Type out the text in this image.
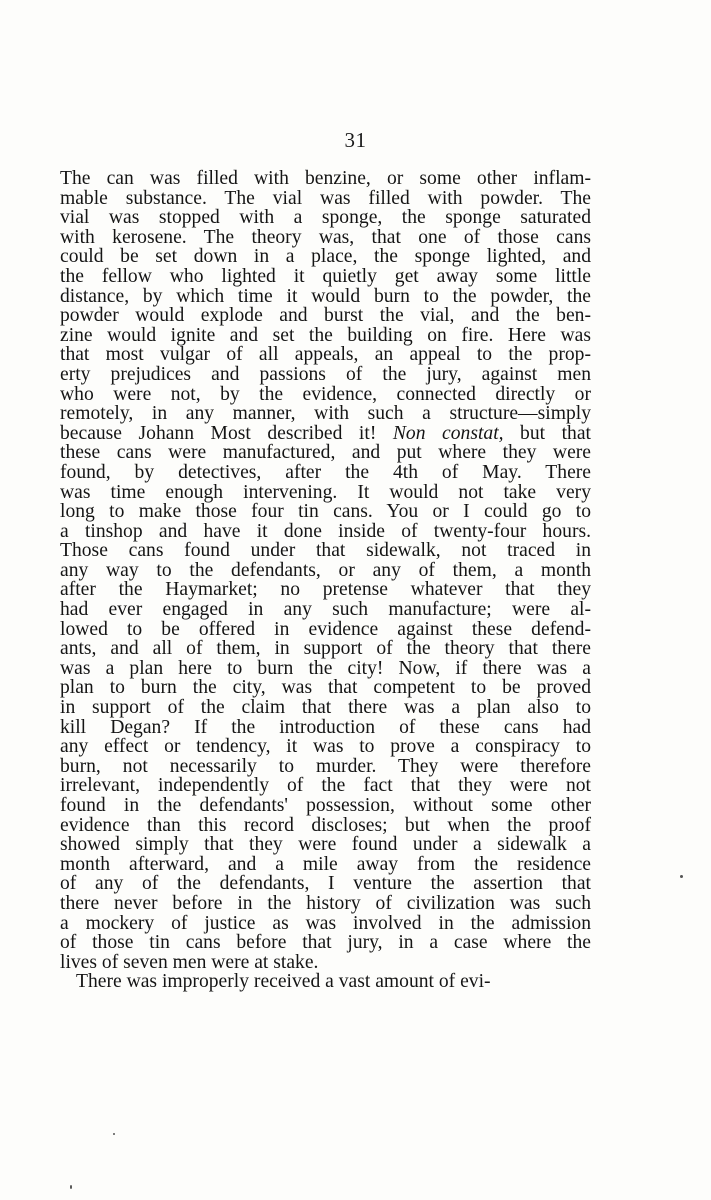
31
The can was filled with benzine, or some other inflam-
mable substance. The vial was filled with powder. The
vial was stopped with a sponge, the sponge saturated
with kerosene. The theory was, that one of those cans
could be set down in a place, the sponge lighted, and
the fellow who lighted it quietly get away some little
distance, by which time it would burn to the powder, the
powder would explode and burst the vial, and the ben-
zine would ignite and set the building on fire. Here was
that most vulgar of all appeals, an appeal to the prop-
erty prejudices and passions of the jury, against men
who were not, by the evidence, connected directly or
remotely, in any manner, with such a structure—simply
because Johann Most described it! Non constat, but that
these cans were manufactured, and put where they were
found, by detectives, after the 4th of May. There
was time enough intervening. It would not take very
long to make those four tin cans. You or I could go to
a tinshop and have it done inside of twenty-four hours.
Those cans found under that sidewalk, not traced in
any way to the defendants, or any of them, a month
after the Haymarket; no pretense whatever that they
had ever engaged in any such manufacture; were al-
lowed to be offered in evidence against these defend-
ants, and all of them, in support of the theory that there
was a plan here to burn the city! Now, if there was a
plan to burn the city, was that competent to be proved
in support of the claim that there was a plan also to
kill Degan? If the introduction of these cans had
any effect or tendency, it was to prove a conspiracy to
burn, not necessarily to murder. They were therefore
irrelevant, independently of the fact that they were not
found in the defendants' possession, without some other
evidence than this record discloses; but when the proof
showed simply that they were found under a sidewalk a
month afterward, and a mile away from the residence
of any of the defendants, I venture the assertion that
there never before in the history of civilization was such
a mockery of justice as was involved in the admission
of those tin cans before that jury, in a case where the
lives of seven men were at stake.
There was improperly received a vast amount of evi-
